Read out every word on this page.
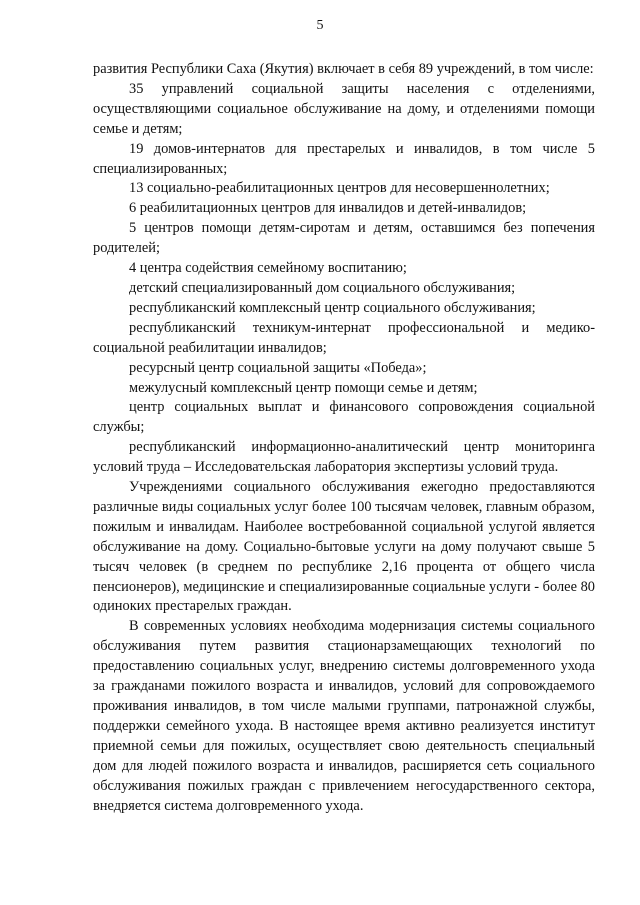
5

развития Республики Саха (Якутия) включает в себя 89 учреждений, в том числе:

35 управлений социальной защиты населения с отделениями, осуществляющими социальное обслуживание на дому, и отделениями помощи семье и детям;

19 домов-интернатов для престарелых и инвалидов, в том числе 5 специализированных;

13 социально-реабилитационных центров для несовершеннолетних;

6 реабилитационных центров для инвалидов и детей-инвалидов;

5 центров помощи детям-сиротам и детям, оставшимся без попечения родителей;

4 центра содействия семейному воспитанию;

детский специализированный дом социального обслуживания;

республиканский комплексный центр социального обслуживания;

республиканский техникум-интернат профессиональной и медико-социальной реабилитации инвалидов;

ресурсный центр социальной защиты «Победа»;

межулусный комплексный центр помощи семье и детям;

центр социальных выплат и финансового сопровождения социальной службы;

республиканский информационно-аналитический центр мониторинга условий труда – Исследовательская лаборатория экспертизы условий труда.

Учреждениями социального обслуживания ежегодно предоставляются различные виды социальных услуг более 100 тысячам человек, главным образом, пожилым и инвалидам. Наиболее востребованной социальной услугой является обслуживание на дому. Социально-бытовые услуги на дому получают свыше 5 тысяч человек (в среднем по республике 2,16 процента от общего числа пенсионеров), медицинские и специализированные социальные услуги - более 80 одиноких престарелых граждан.

В современных условиях необходима модернизация системы социального обслуживания путем развития стационарзамещающих технологий по предоставлению социальных услуг, внедрению системы долговременного ухода за гражданами пожилого возраста и инвалидов, условий для сопровождаемого проживания инвалидов, в том числе малыми группами, патронажной службы, поддержки семейного ухода. В настоящее время активно реализуется институт приемной семьи для пожилых, осуществляет свою деятельность специальный дом для людей пожилого возраста и инвалидов, расширяется сеть социального обслуживания пожилых граждан с привлечением негосударственного сектора, внедряется система долговременного ухода.
